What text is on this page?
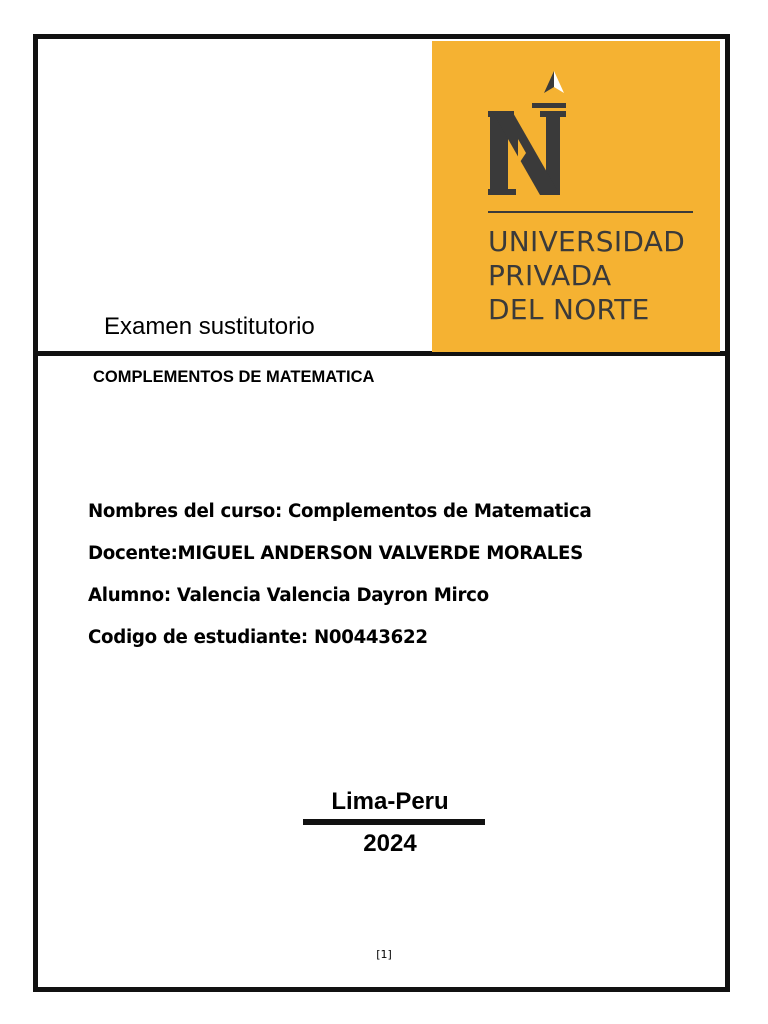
UNIVERSIDAD
PRIVADA
DEL NORTE
Examen sustitutorio
COMPLEMENTOS DE MATEMATICA
Nombres del curso: Complementos de Matematica
Docente:MIGUEL ANDERSON VALVERDE MORALES
Alumno: Valencia Valencia Dayron Mirco
Codigo de estudiante: N00443622
Lima-Peru
2024
[1]
